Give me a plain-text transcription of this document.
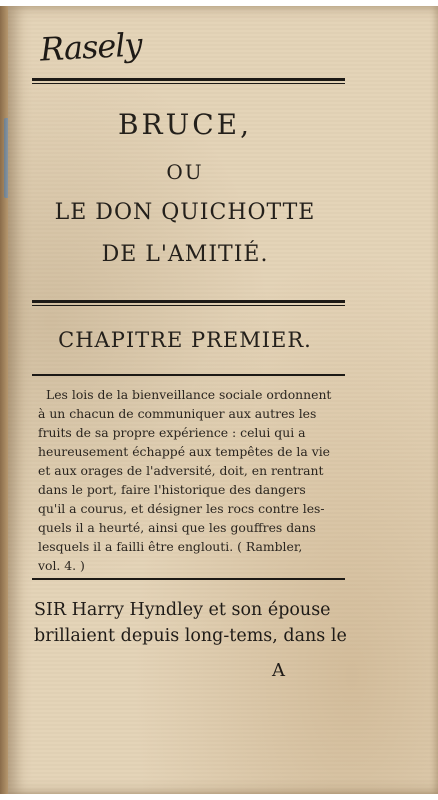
Rasely
BRUCE,
OU
LE DON QUICHOTTE
DE L'AMITIÉ.
CHAPITRE PREMIER.
Les lois de la bienveillance sociale ordonnent
à un chacun de communiquer aux autres les
fruits de sa propre expérience : celui qui a
heureusement échappé aux tempêtes de la vie
et aux orages de l'adversité, doit, en rentrant
dans le port, faire l'historique des dangers
qu'il a courus, et désigner les rocs contre les-
quels il a heurté, ainsi que les gouffres dans
lesquels il a failli être englouti. ( Rambler,
vol. 4. )
SIR Harry Hyndley et son épouse
brillaient depuis long-tems, dans le
A
